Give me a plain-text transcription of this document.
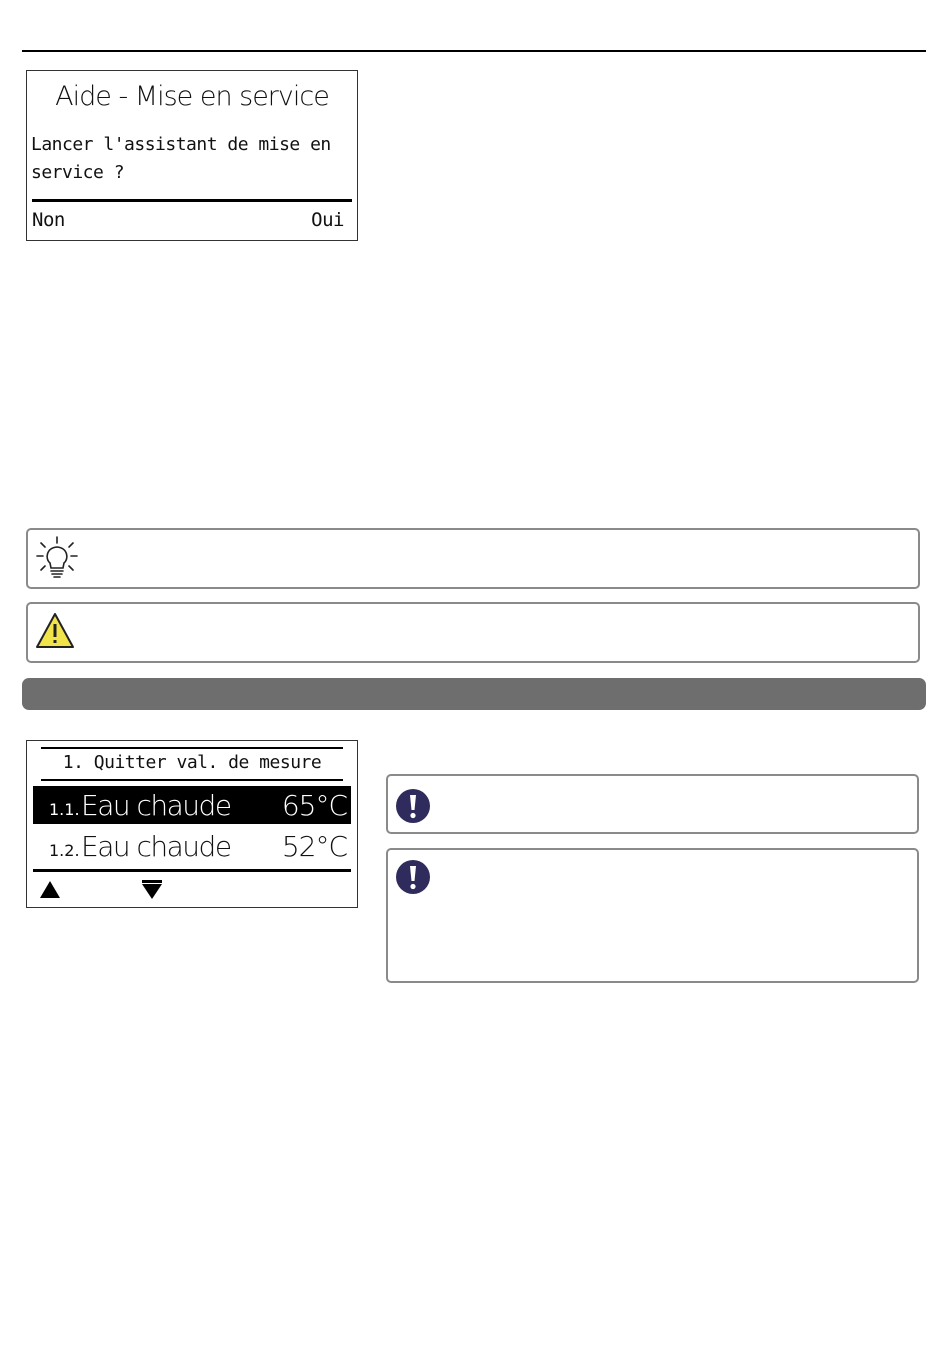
Aide - Mise en service
Lancer l'assistant de mise en
service ?
Non	Oui
1. Quitter val. de mesure
1.1. Eau chaude 65°C
1.2. Eau chaude 52°C
